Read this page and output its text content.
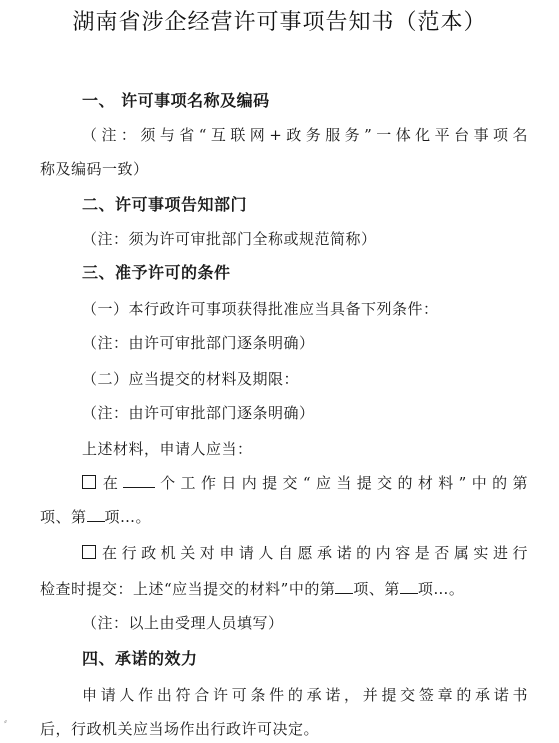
湖南省涉企经营许可事项告知书（范本）
一、 许可事项名称及编码
（注：须与省“互联网+政务服务”一体化平台事项名
称及编码一致）
二、许可事项告知部门
（注：须为许可审批部门全称或规范简称）
三、准予许可的条件
（一）本行政许可事项获得批准应当具备下列条件：
（注：由许可审批部门逐条明确）
（二）应当提交的材料及期限：
（注：由许可审批部门逐条明确）
上述材料，申请人应当：
在 个工作日内提交“应当提交的材料”中的第
项、第 项…。
在行政机关对申请人自愿承诺的内容是否属实进行
检查时提交：上述“应当提交的材料”中的第 项、第 项…。
（注：以上由受理人员填写）
四、承诺的效力
申请人作出符合许可条件的承诺，并提交签章的承诺书
后，行政机关应当场作出行政许可决定。
⸗
